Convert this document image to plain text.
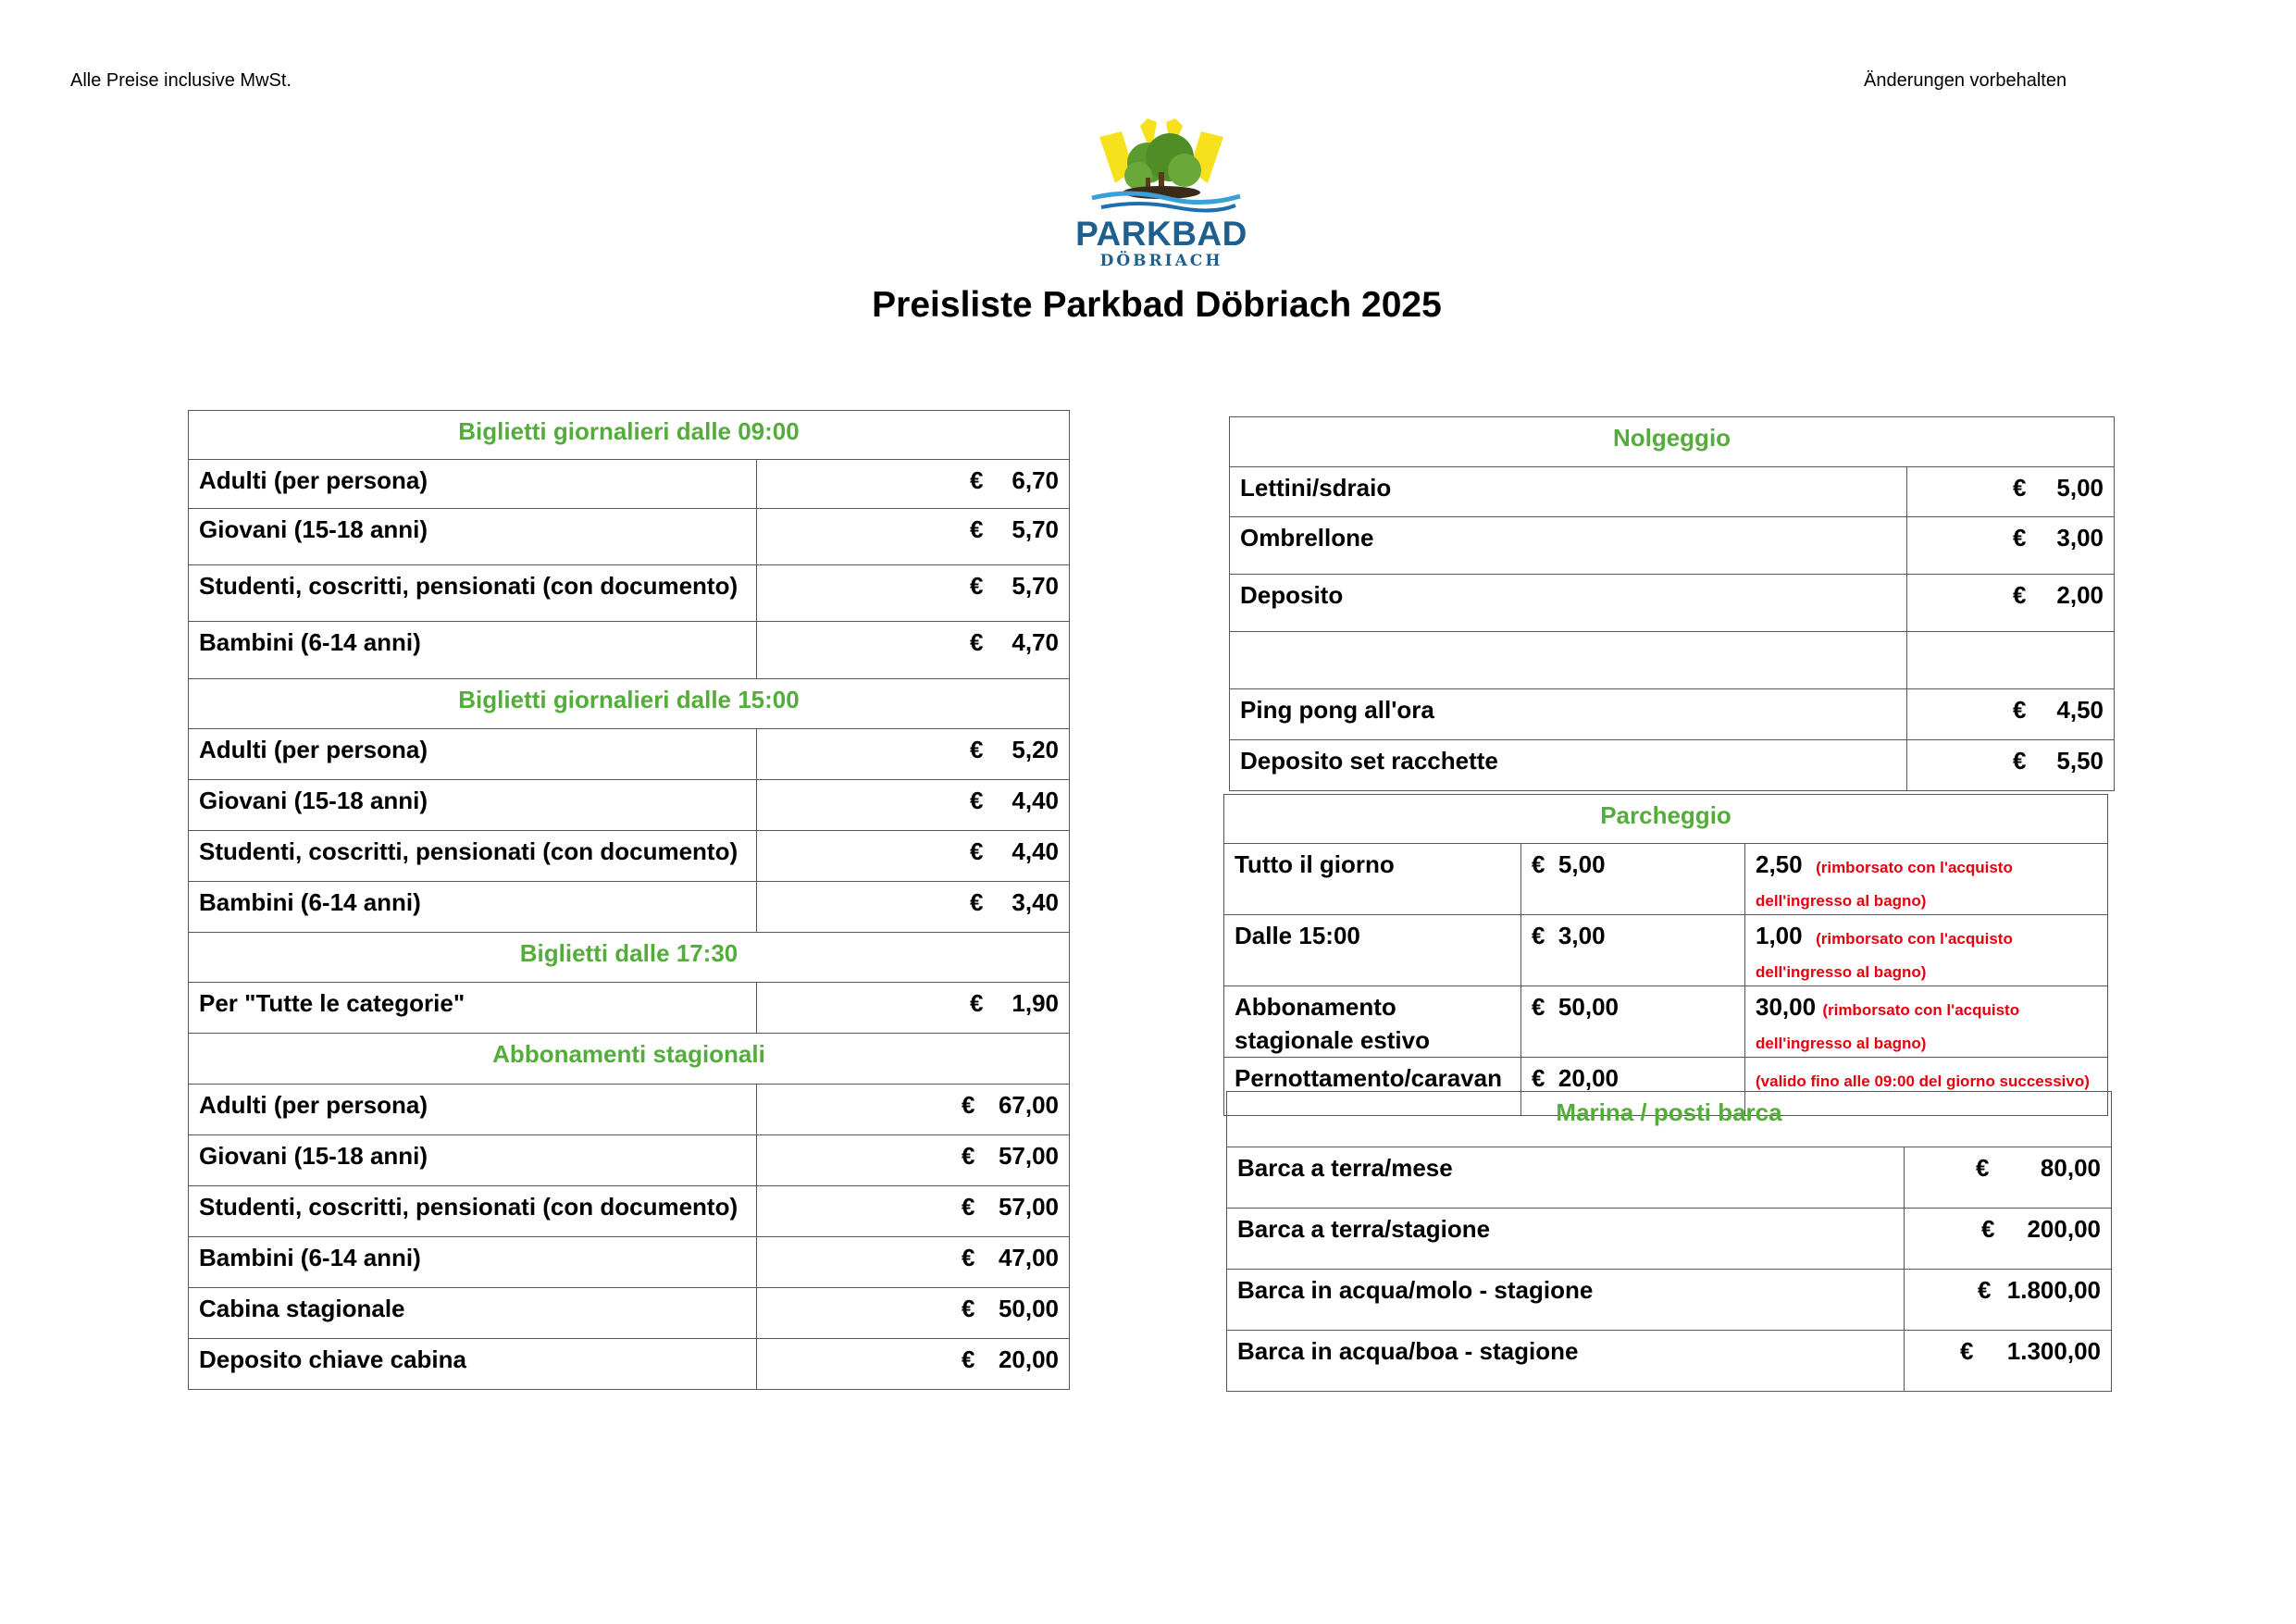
Alle Preise inclusive MwSt.	Änderungen vorbehalten
PARKBAD
DÖBRIACH
Preisliste Parkbad Döbriach 2025
Biglietti giornalieri dalle 09:00	
Adulti (per persona)	€ 6,70
Giovani (15-18 anni)	€ 5,70
Studenti, coscritti, pensionati (con documento)	€ 5,70
Bambini (6-14 anni)	€ 4,70
Biglietti giornalieri dalle 15:00	
Adulti (per persona)	€ 5,20
Giovani (15-18 anni)	€ 4,40
Studenti, coscritti, pensionati (con documento)	€ 4,40
Bambini (6-14 anni)	€ 3,40
Biglietti dalle 17:30	
Per "Tutte le categorie"	€ 1,90
Abbonamenti stagionali	
Adulti (per persona)	€ 67,00
Giovani (15-18 anni)	€ 57,00
Studenti, coscritti, pensionati (con documento)	€ 57,00
Bambini (6-14 anni)	€ 47,00
Cabina stagionale	€ 50,00
Deposito chiave cabina	€ 20,00
Nolgeggio	
Lettini/sdraio	€ 5,00
Ombrellone	€ 3,00
Deposito	€ 2,00

Ping pong all'ora	€ 4,50
Deposito set racchette	€ 5,50
Parcheggio		
Tutto il giorno	€ 5,00	2,50 (rimborsato con l'acquisto dell'ingresso al bagno)
Dalle 15:00	€ 3,00	1,00 (rimborsato con l'acquisto dell'ingresso al bagno)
Abbonamento stagionale estivo	€ 50,00	30,00 (rimborsato con l'acquisto dell'ingresso al bagno)
Pernottamento/caravan	€ 20,00	(valido fino alle 09:00 del giorno successivo)
Marina / posti barca	
Barca a terra/mese	€ 80,00
Barca a terra/stagione	€ 200,00
Barca in acqua/molo - stagione	€ 1.800,00
Barca in acqua/boa - stagione	€ 1.300,00
